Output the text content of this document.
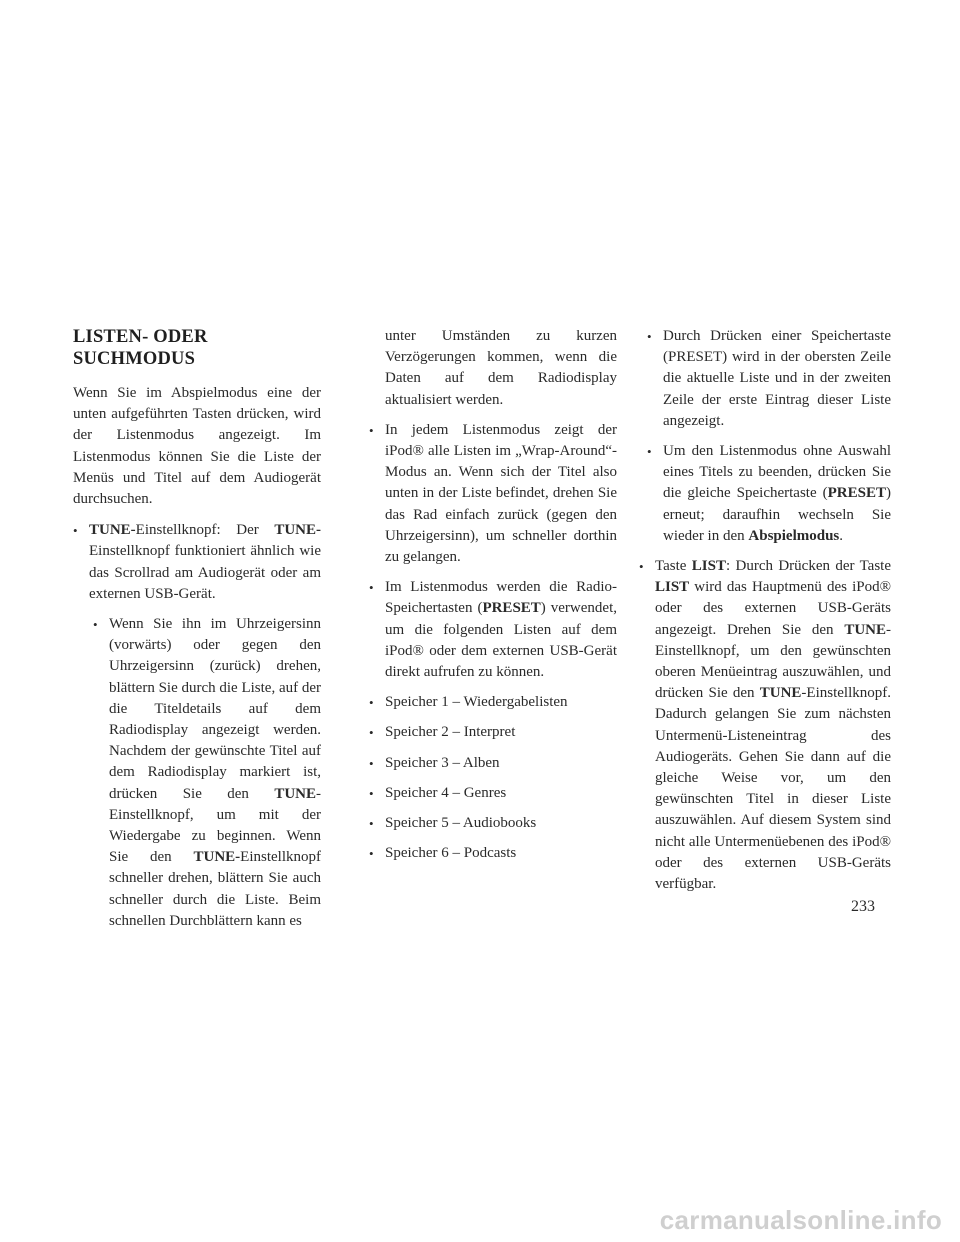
LISTEN- ODER
SUCHMODUS

Wenn Sie im Abspielmodus eine der unten aufgeführten Tasten drücken, wird der Listenmodus angezeigt. Im Listenmodus können Sie die Liste der Menüs und Titel auf dem Audiogerät durchsuchen.

• TUNE-Einstellknopf: Der TUNE-Einstellknopf funktioniert ähnlich wie das Scrollrad am Audiogerät oder am externen USB-Gerät.
• Wenn Sie ihn im Uhrzeigersinn (vorwärts) oder gegen den Uhrzeigersinn (zurück) drehen, blättern Sie durch die Liste, auf der die Titeldetails auf dem Radiodisplay angezeigt werden. Nachdem der gewünschte Titel auf dem Radiodisplay markiert ist, drücken Sie den TUNE-Einstellknopf, um mit der Wiedergabe zu beginnen. Wenn Sie den TUNE-Einstellknopf schneller drehen, blättern Sie auch schneller durch die Liste. Beim schnellen Durchblättern kann es
unter Umständen zu kurzen Verzögerungen kommen, wenn die Daten auf dem Radiodisplay aktualisiert werden.
• In jedem Listenmodus zeigt der iPod® alle Listen im „Wrap-Around“-Modus an. Wenn sich der Titel also unten in der Liste befindet, drehen Sie das Rad einfach zurück (gegen den Uhrzeigersinn), um schneller dorthin zu gelangen.
• Im Listenmodus werden die Radio-Speichertasten (PRESET) verwendet, um die folgenden Listen auf dem iPod® oder dem externen USB-Gerät direkt aufrufen zu können.
• Speicher 1 – Wiedergabelisten
• Speicher 2 – Interpret
• Speicher 3 – Alben
• Speicher 4 – Genres
• Speicher 5 – Audiobooks
• Speicher 6 – Podcasts
• Durch Drücken einer Speichertaste (PRESET) wird in der obersten Zeile die aktuelle Liste und in der zweiten Zeile der erste Eintrag dieser Liste angezeigt.
• Um den Listenmodus ohne Auswahl eines Titels zu beenden, drücken Sie die gleiche Speichertaste (PRESET) erneut; daraufhin wechseln Sie wieder in den Abspielmodus.
• Taste LIST: Durch Drücken der Taste LIST wird das Hauptmenü des iPod® oder des externen USB-Geräts angezeigt. Drehen Sie den TUNE-Einstellknopf, um den gewünschten oberen Menüeintrag auszuwählen, und drücken Sie den TUNE-Einstellknopf. Dadurch gelangen Sie zum nächsten Untermenü-Listeneintrag des Audiogeräts. Gehen Sie dann auf die gleiche Weise vor, um den gewünschten Titel in dieser Liste auszuwählen. Auf diesem System sind nicht alle Untermenüebenen des iPod® oder des externen USB-Geräts verfügbar.
233
carmanualsonline.info
